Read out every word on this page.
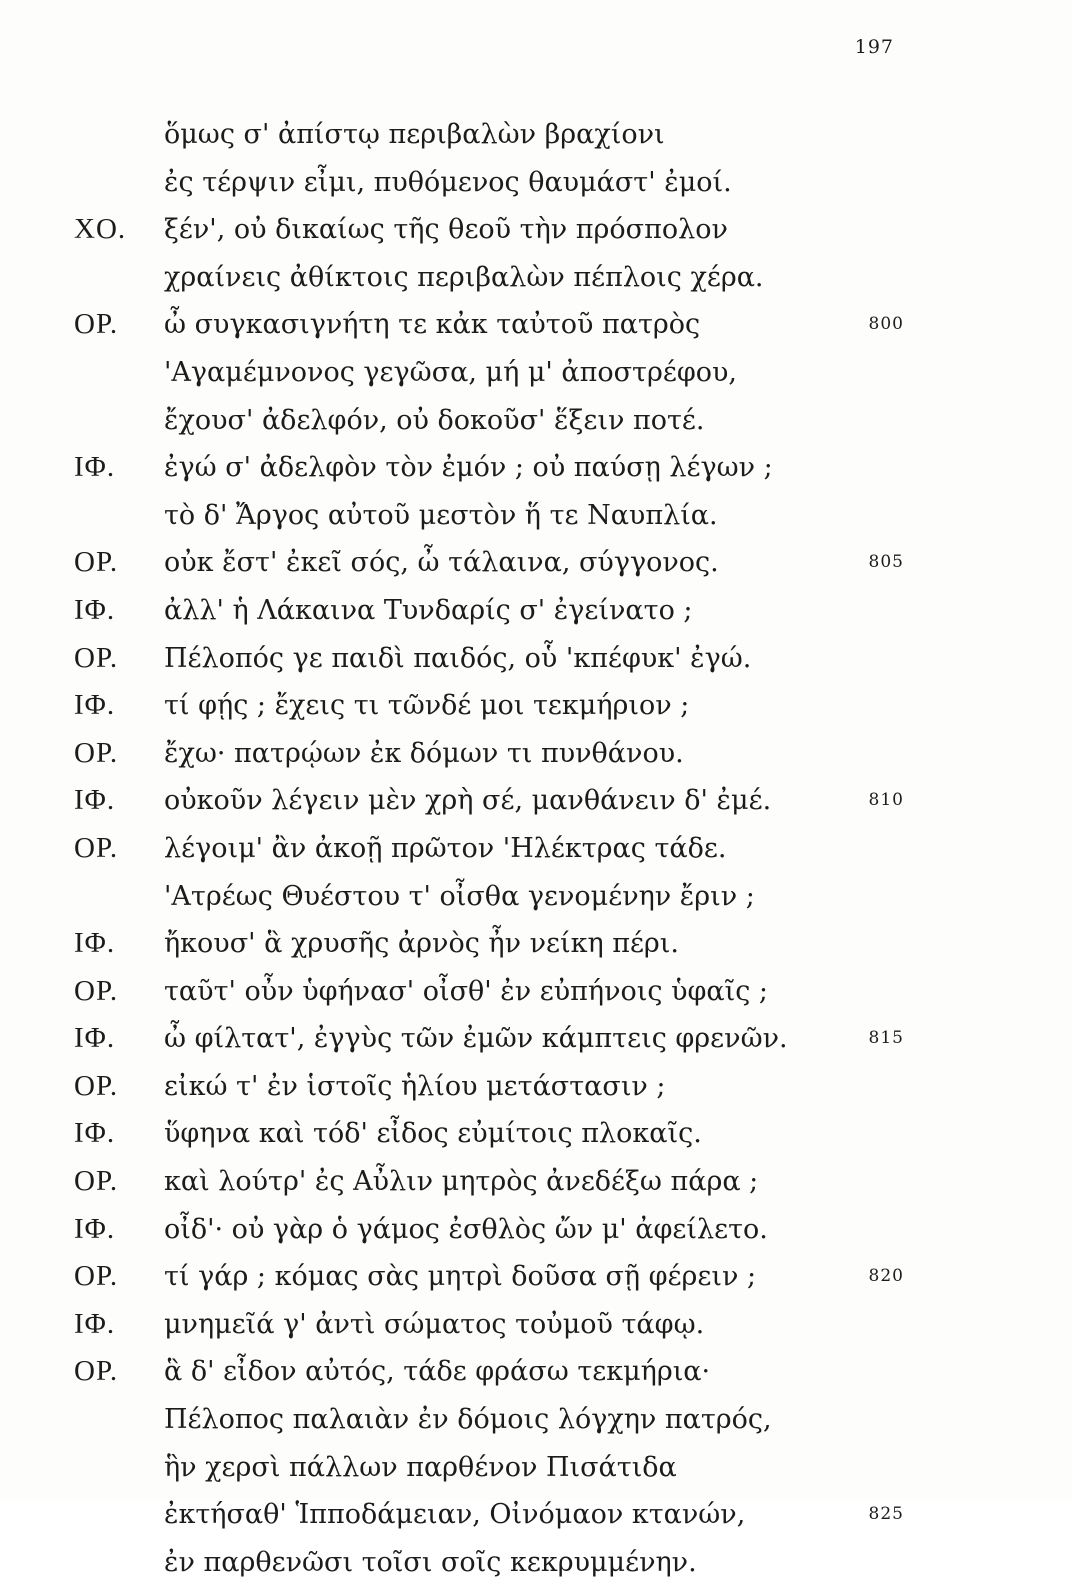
197
ὅμως σ' ἀπίστῳ περιβαλὼν βραχίονι
ἐς τέρψιν εἶμι, πυθόμενος θαυμάστ' ἐμοί.
ΧΟ.	ξέν', οὐ δικαίως τῆς θεοῦ τὴν πρόσπολον
χραίνεις ἀθίκτοις περιβαλὼν πέπλοις χέρα.
ΟΡ.	ὦ συγκασιγνήτη τε κἀκ ταὐτοῦ πατρὸς	800
'Αγαμέμνονος γεγῶσα, μή μ' ἀποστρέφου,
ἔχουσ' ἀδελφόν, οὐ δοκοῦσ' ἕξειν ποτέ.
ΙΦ.	ἐγώ σ' ἀδελφὸν τὸν ἐμόν ; οὐ παύσῃ λέγων ;
τὸ δ' Ἄργος αὐτοῦ μεστὸν ἥ τε Ναυπλία.
ΟΡ.	οὐκ ἔστ' ἐκεῖ σός, ὦ τάλαινα, σύγγονος.	805
ΙΦ.	ἀλλ' ἡ Λάκαινα Τυνδαρίς σ' ἐγείνατο ;
ΟΡ.	Πέλοπός γε παιδὶ παιδός, οὗ 'κπέφυκ' ἐγώ.
ΙΦ.	τί φῄς ; ἔχεις τι τῶνδέ μοι τεκμήριον ;
ΟΡ.	ἔχω· πατρῴων ἐκ δόμων τι πυνθάνου.
ΙΦ.	οὐκοῦν λέγειν μὲν χρὴ σέ, μανθάνειν δ' ἐμέ.	810
ΟΡ.	λέγοιμ' ἂν ἀκοῇ πρῶτον 'Ηλέκτρας τάδε.
'Ατρέως Θυέστου τ' οἶσθα γενομένην ἔριν ;
ΙΦ.	ἤκουσ' ἃ χρυσῆς ἀρνὸς ἦν νείκη πέρι.
ΟΡ.	ταῦτ' οὖν ὑφήνασ' οἶσθ' ἐν εὐπήνοις ὑφαῖς ;
ΙΦ.	ὦ φίλτατ', ἐγγὺς τῶν ἐμῶν κάμπτεις φρενῶν.	815
ΟΡ.	εἰκώ τ' ἐν ἱστοῖς ἡλίου μετάστασιν ;
ΙΦ.	ὕφηνα καὶ τόδ' εἶδος εὐμίτοις πλοκαῖς.
ΟΡ.	καὶ λούτρ' ἐς Αὖλιν μητρὸς ἀνεδέξω πάρα ;
ΙΦ.	οἶδ'· οὐ γὰρ ὁ γάμος ἐσθλὸς ὤν μ' ἀφείλετο.
ΟΡ.	τί γάρ ; κόμας σὰς μητρὶ δοῦσα σῇ φέρειν ;	820
ΙΦ.	μνημεῖά γ' ἀντὶ σώματος τοὐμοῦ τάφῳ.
ΟΡ.	ἃ δ' εἶδον αὐτός, τάδε φράσω τεκμήρια·
Πέλοπος παλαιὰν ἐν δόμοις λόγχην πατρός,
ἣν χερσὶ πάλλων παρθένον Πισάτιδα
ἐκτήσαθ' Ἱπποδάμειαν, Οἰνόμαον κτανών,	825
ἐν παρθενῶσι τοῖσι σοῖς κεκρυμμένην.
